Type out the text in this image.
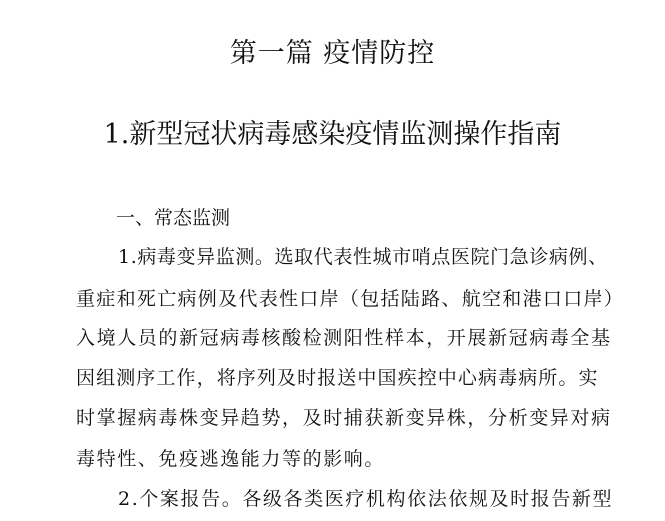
第一篇 疫情防控
1.新型冠状病毒感染疫情监测操作指南
一、常态监测
1.病毒变异监测。选取代表性城市哨点医院门急诊病例、
重症和死亡病例及代表性口岸（包括陆路、航空和港口口岸）
入境人员的新冠病毒核酸检测阳性样本，开展新冠病毒全基
因组测序工作，将序列及时报送中国疾控中心病毒病所。实
时掌握病毒株变异趋势，及时捕获新变异株，分析变异对病
毒特性、免疫逃逸能力等的影响。
2.个案报告。各级各类医疗机构依法依规及时报告新型
